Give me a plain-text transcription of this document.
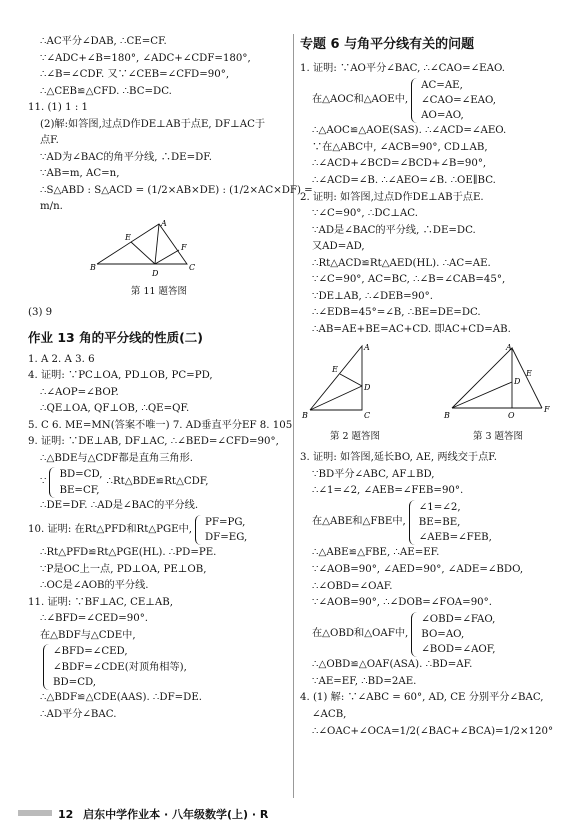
∴AC平分∠DAB, ∴CE=CF.
∵∠ADC+∠B=180°, ∠ADC+∠CDF=180°,
∴∠B=∠CDF. 又∵∠CEB=∠CFD=90°,
∴△CEB≌△CFD. ∴BC=DC.
11. (1) 1 : 1
(2)解:如答图,过点D作DE⊥AB于点E, DF⊥AC于
点F.
∵AD为∠BAC的角平分线, ∴DE=DF.
∵AB=m, AC=n,
∴S△ABD : S△ACD = (1/2×AB×DE) : (1/2×AC×DF) =
m/n.
B
A
C
D
E
F
第 11 题答图
(3) 9
作业 13 角的平分线的性质(二)
1. A 2. A 3. 6
4. 证明: ∵PC⊥OA, PD⊥OB, PC=PD,
∴∠AOP=∠BOP.
∴QE⊥OA, QF⊥OB, ∴QE=QF.
5. C 6. ME=MN(答案不唯一) 7. AD垂直平分EF 8. 105
9. 证明: ∵DE⊥AB, DF⊥AC, ∴∠BED=∠CFD=90°,
∴△BDE与△CDF都是直角三角形.
∵
BD=CD,
BE=CF,
∴Rt△BDE≌Rt△CDF,
∴DE=DF. ∴AD是∠BAC的平分线.
10. 证明: 在Rt△PFD和Rt△PGE中,
PF=PG,
DF=EG,
∴Rt△PFD≌Rt△PGE(HL). ∴PD=PE.
∵P是OC上一点, PD⊥OA, PE⊥OB,
∴OC是∠AOB的平分线.
11. 证明: ∵BF⊥AC, CE⊥AB,
∴∠BFD=∠CED=90°.
在△BDF与△CDE中,
∠BFD=∠CED,
∠BDF=∠CDE(对顶角相等),
BD=CD,
∴△BDF≌△CDE(AAS). ∴DF=DE.
∴AD平分∠BAC.
专题 6 与角平分线有关的问题
1. 证明: ∵AO平分∠BAC, ∴∠CAO=∠EAO.
在△AOC和△AOE中,
AC=AE,
∠CAO=∠EAO,
AO=AO,
∴△AOC≌△AOE(SAS). ∴∠ACD=∠AEO.
∵在△ABC中, ∠ACB=90°, CD⊥AB,
∴∠ACD+∠BCD=∠BCD+∠B=90°,
∴∠ACD=∠B. ∴∠AEO=∠B. ∴OE∥BC.
2. 证明: 如答图,过点D作DE⊥AB于点E.
∵∠C=90°, ∴DC⊥AC.
∵AD是∠BAC的平分线, ∴DE=DC.
又AD=AD,
∴Rt△ACD≌Rt△AED(HL). ∴AC=AE.
∵∠C=90°, AC=BC, ∴∠B=∠CAB=45°,
∵DE⊥AB, ∴∠DEB=90°.
∴∠EDB=45°=∠B, ∴BE=DE=DC.
∴AB=AE+BE=AC+CD. 即AC+CD=AB.
B
A
C
D
E
第 2 题答图
B
A
O
F
D
E
第 3 题答图
3. 证明: 如答图,延长BO, AE, 两线交于点F.
∵BD平分∠ABC, AF⊥BD,
∴∠1=∠2, ∠AEB=∠FEB=90°.
在△ABE和△FBE中,
∠1=∠2,
BE=BE,
∠AEB=∠FEB,
∴△ABE≌△FBE, ∴AE=EF.
∵∠AOB=90°, ∠AED=90°, ∠ADE=∠BDO,
∴∠OBD=∠OAF.
∵∠AOB=90°, ∴∠DOB=∠FOA=90°.
在△OBD和△OAF中,
∠OBD=∠FAO,
BO=AO,
∠BOD=∠AOF,
∴△OBD≌△OAF(ASA). ∴BD=AF.
∵AE=EF, ∴BD=2AE.
4. (1) 解: ∵∠ABC = 60°, AD, CE 分别平分∠BAC,
∠ACB,
∴∠OAC+∠OCA=1/2(∠BAC+∠BCA)=1/2×120°
12 启东中学作业本 · 八年级数学(上) · R
